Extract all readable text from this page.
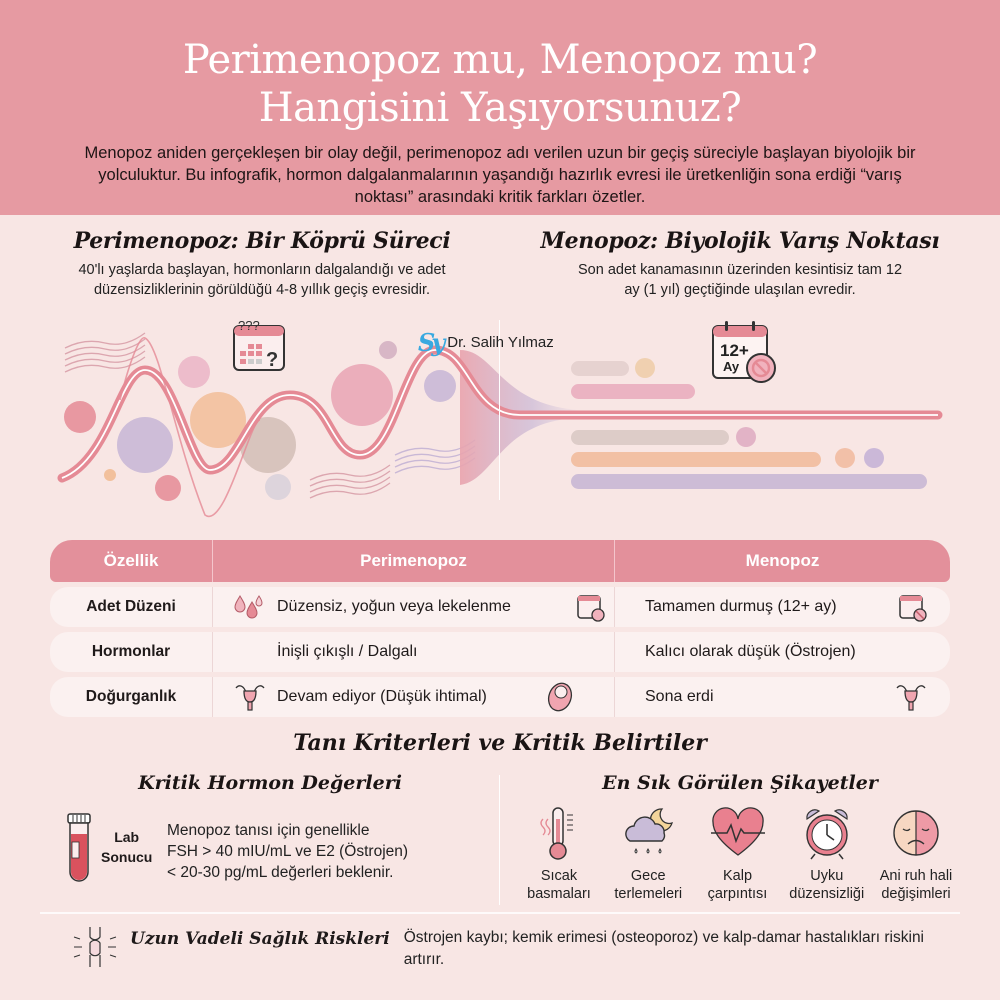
Perimenopoz mu, Menopoz mu?
Hangisini Yaşıyorsunuz?

Menopoz aniden gerçekleşen bir olay değil, perimenopoz adı verilen uzun bir geçiş süreciyle başlayan biyolojik bir yolculuktur. Bu infografik, hormon dalgalanmalarının yaşandığı hazırlık evresi ile üretkenliğin sona erdiği “varış noktası” arasındaki kritik farkları özetler.

Perimenopoz: Bir Köprü Süreci

40'lı yaşlarda başlayan, hormonların dalgalandığı ve adet düzensizliklerinin görüldüğü 4-8 yıllık geçiş evresidir.

Menopoz: Biyolojik Varış Noktası

Son adet kanamasının üzerinden kesintisiz tam 12 ay (1 yıl) geçtiğinde ulaşılan evredir.

???
?	12+
Ay
Sy Dr. Salih Yılmaz
Özellik	Perimenopoz	Menopoz
Adet Düzeni	Düzensiz, yoğun veya lekelenme	Tamamen durmuş (12+ ay)
Hormonlar	İnişli çıkışlı / Dalgalı	Kalıcı olarak düşük (Östrojen)
Doğurganlık	Devam ediyor (Düşük ihtimal)	Sona erdi
Tanı Kriterleri ve Kritik Belirtiler
Kritik Hormon Değerleri	En Sık Görülen Şikayetler
Lab
Sonucu
Menopoz tanısı için genellikle
FSH > 40 mIU/mL ve E2 (Östrojen)
< 20-30 pg/mL değerleri beklenir.	Sıcak
basmaları
Gece
terlemeleri
Kalp
çarpıntısı
Uyku
düzensizliği
Ani ruh hali
değişimleri
Uzun Vadeli Sağlık Riskleri Östrojen kaybı; kemik erimesi (osteoporoz) ve kalp-damar hastalıkları riskini artırır.
